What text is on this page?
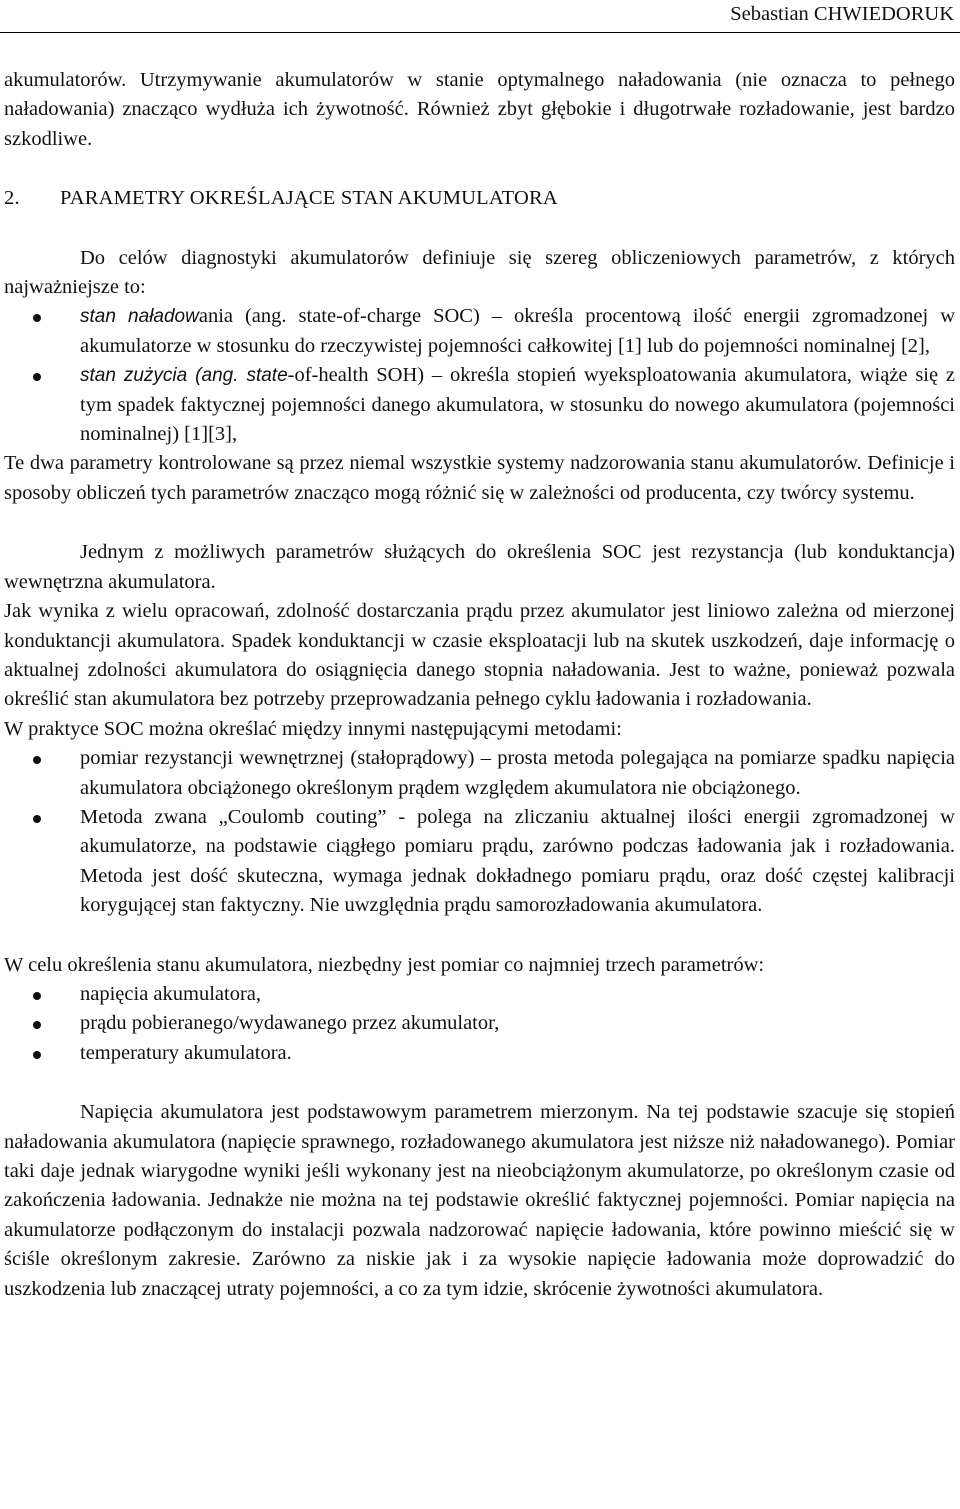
Sebastian CHWIEDORUK

akumulatorów. Utrzymywanie akumulatorów w stanie optymalnego naładowania (nie oznacza to pełnego naładowania) znacząco wydłuża ich żywotność. Również zbyt głębokie i długotrwałe rozładowanie, jest bardzo szkodliwe.

2. PARAMETRY OKREŚLAJĄCE STAN AKUMULATORA

Do celów diagnostyki akumulatorów definiuje się szereg obliczeniowych parametrów, z których najważniejsze to:

stan naładowania (ang. state-of-charge SOC) – określa procentową ilość energii zgromadzonej w akumulatorze w stosunku do rzeczywistej pojemności całkowitej [1] lub do pojemności nominalnej [2],
stan zużycia (ang. state-of-health SOH) – określa stopień wyeksploatowania akumulatora, wiąże się z tym spadek faktycznej pojemności danego akumulatora, w stosunku do nowego akumulatora (pojemności nominalnej) [1][3],

Te dwa parametry kontrolowane są przez niemal wszystkie systemy nadzorowania stanu akumulatorów. Definicje i sposoby obliczeń tych parametrów znacząco mogą różnić się w zależności od producenta, czy twórcy systemu.

Jednym z możliwych parametrów służących do określenia SOC jest rezystancja (lub konduktancja) wewnętrzna akumulatora.

Jak wynika z wielu opracowań, zdolność dostarczania prądu przez akumulator jest liniowo zależna od mierzonej konduktancji akumulatora. Spadek konduktancji w czasie eksploatacji lub na skutek uszkodzeń, daje informację o aktualnej zdolności akumulatora do osiągnięcia danego stopnia naładowania. Jest to ważne, ponieważ pozwala określić stan akumulatora bez potrzeby przeprowadzania pełnego cyklu ładowania i rozładowania.

W praktyce SOC można określać między innymi następującymi metodami:

pomiar rezystancji wewnętrznej (stałoprądowy) – prosta metoda polegająca na pomiarze spadku napięcia akumulatora obciążonego określonym prądem względem akumulatora nie obciążonego.
Metoda zwana „Coulomb couting” - polega na zliczaniu aktualnej ilości energii zgromadzonej w akumulatorze, na podstawie ciągłego pomiaru prądu, zarówno podczas ładowania jak i rozładowania. Metoda jest dość skuteczna, wymaga jednak dokładnego pomiaru prądu, oraz dość częstej kalibracji korygującej stan faktyczny. Nie uwzględnia prądu samorozładowania akumulatora.

W celu określenia stanu akumulatora, niezbędny jest pomiar co najmniej trzech parametrów:

napięcia akumulatora,
prądu pobieranego/wydawanego przez akumulator,
temperatury akumulatora.

Napięcia akumulatora jest podstawowym parametrem mierzonym. Na tej podstawie szacuje się stopień naładowania akumulatora (napięcie sprawnego, rozładowanego akumulatora jest niższe niż naładowanego). Pomiar taki daje jednak wiarygodne wyniki jeśli wykonany jest na nieobciążonym akumulatorze, po określonym czasie od zakończenia ładowania. Jednakże nie można na tej podstawie określić faktycznej pojemności. Pomiar napięcia na akumulatorze podłączonym do instalacji pozwala nadzorować napięcie ładowania, które powinno mieścić się w ściśle określonym zakresie. Zarówno za niskie jak i za wysokie napięcie ładowania może doprowadzić do uszkodzenia lub znaczącej utraty pojemności, a co za tym idzie, skrócenie żywotności akumulatora.
